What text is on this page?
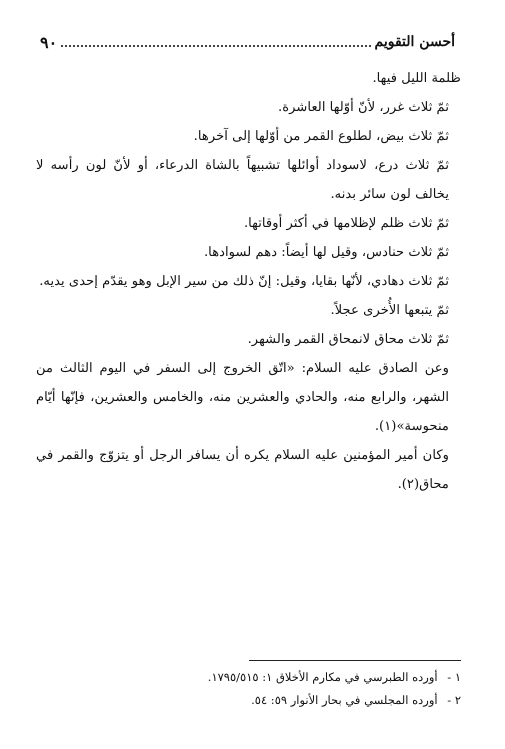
أحسن التقويم
٩٠

ظلمة الليل فيها.

ثمّ ثلاث غرر، لأنّ أوّلها العاشرة.

ثمّ ثلاث بيض، لطلوع القمر من أوّلها إلى آخرها.

ثمّ ثلاث درع، لاسوداد أوائلها تشبيهاً بالشاة الدرعاء، أو لأنّ لون رأسه لا يخالف لون سائر بدنه.

ثمّ ثلاث ظلم لإظلامها في أكثر أوقاتها.

ثمّ ثلاث حنادس، وقيل لها أيضاً: دهم لسوادها.

ثمّ ثلاث دهادي، لأنّها بقايا، وقيل: إنّ ذلك من سير الإبل وهو يقدّم إحدى يديه.

ثمّ يتبعها الأُخرى عجلاً.

ثمّ ثلاث محاق لانمحاق القمر والشهر.

وعن الصادق عليه السلام: «اتّق الخروج إلى السفر في اليوم الثالث من الشهر، والرابع منه، والحادي والعشرين منه، والخامس والعشرين، فإنّها أيّام منحوسة»(١).

وكان أمير المؤمنين عليه السلام يكره أن يسافر الرجل أو يتزوّج والقمر في محاق(٢).

١ - أورده الطبرسي في مكارم الأخلاق ١: ١٧٩٥/٥١٥.
٢ - أورده المجلسي في بحار الأنوار ٥٩: ٥٤.
